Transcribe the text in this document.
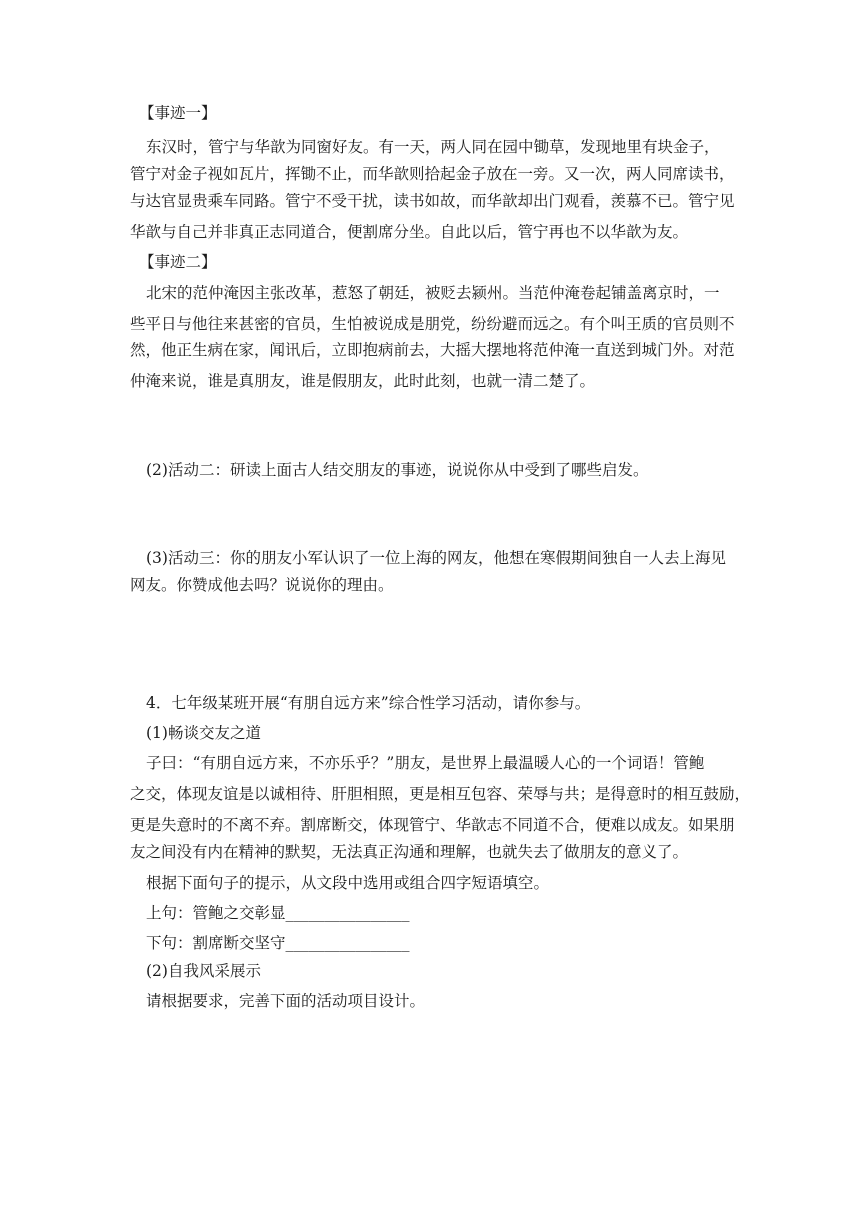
【事迹一】
东汉时，管宁与华歆为同窗好友。有一天，两人同在园中锄草，发现地里有块金子，
管宁对金子视如瓦片，挥锄不止，而华歆则拾起金子放在一旁。又一次，两人同席读书，
与达官显贵乘车同路。管宁不受干扰，读书如故，而华歆却出门观看，羡慕不已。管宁见
华歆与自己并非真正志同道合，便割席分坐。自此以后，管宁再也不以华歆为友。
【事迹二】
北宋的范仲淹因主张改革，惹怒了朝廷，被贬去颍州。当范仲淹卷起铺盖离京时，一
些平日与他往来甚密的官员，生怕被说成是朋党，纷纷避而远之。有个叫王质的官员则不
然，他正生病在家，闻讯后，立即抱病前去，大摇大摆地将范仲淹一直送到城门外。对范
仲淹来说，谁是真朋友，谁是假朋友，此时此刻，也就一清二楚了。
(2)活动二：研读上面古人结交朋友的事迹，说说你从中受到了哪些启发。
(3)活动三：你的朋友小军认识了一位上海的网友，他想在寒假期间独自一人去上海见
网友。你赞成他去吗？说说你的理由。
4．七年级某班开展“有朋自远方来”综合性学习活动，请你参与。
(1)畅谈交友之道
子曰：“有朋自远方来，不亦乐乎？”朋友，是世界上最温暖人心的一个词语！管鲍
之交，体现友谊是以诚相待、肝胆相照，更是相互包容、荣辱与共；是得意时的相互鼓励，
更是失意时的不离不弃。割席断交，体现管宁、华歆志不同道不合，便难以成友。如果朋
友之间没有内在精神的默契，无法真正沟通和理解，也就失去了做朋友的意义了。
根据下面句子的提示，从文段中选用或组合四字短语填空。
上句：管鲍之交彰显________________
下句：割席断交坚守________________
(2)自我风采展示
请根据要求，完善下面的活动项目设计。
